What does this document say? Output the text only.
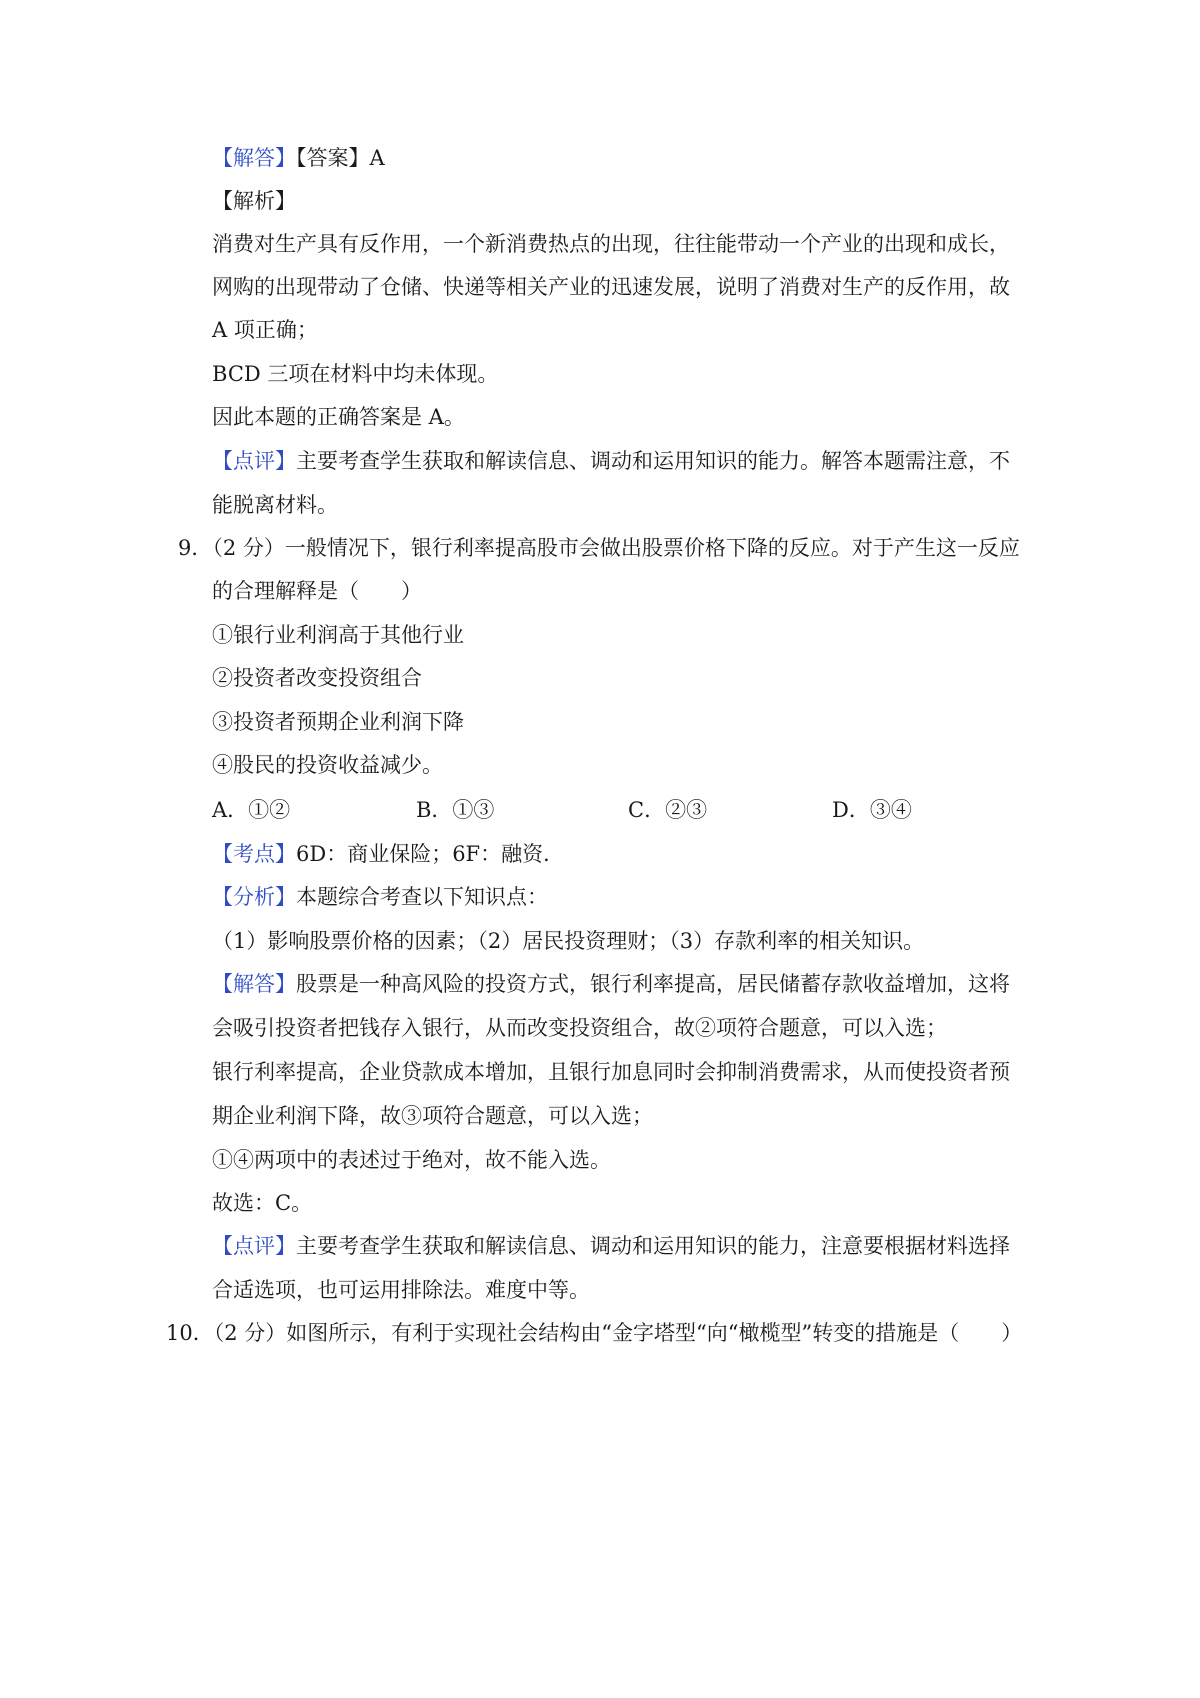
【解答】【答案】A
【解析】
消费对生产具有反作用，一个新消费热点的出现，往往能带动一个产业的出现和成长，
网购的出现带动了仓储、快递等相关产业的迅速发展，说明了消费对生产的反作用，故
A 项正确；
BCD 三项在材料中均未体现。
因此本题的正确答案是 A。
【点评】主要考查学生获取和解读信息、调动和运用知识的能力。解答本题需注意，不
能脱离材料。
9．（2 分）一般情况下，银行利率提高股市会做出股票价格下降的反应。对于产生这一反应
的合理解释是（　　）
①银行业利润高于其他行业
②投资者改变投资组合
③投资者预期企业利润下降
④股民的投资收益减少。
A．①②	B．①③	C．②③	D．③④
【考点】6D：商业保险；6F：融资．
【分析】本题综合考查以下知识点：
（1）影响股票价格的因素；（2）居民投资理财；（3）存款利率的相关知识。
【解答】股票是一种高风险的投资方式，银行利率提高，居民储蓄存款收益增加，这将
会吸引投资者把钱存入银行，从而改变投资组合，故②项符合题意，可以入选；
银行利率提高，企业贷款成本增加，且银行加息同时会抑制消费需求，从而使投资者预
期企业利润下降，故③项符合题意，可以入选；
①④两项中的表述过于绝对，故不能入选。
故选：C。
【点评】主要考查学生获取和解读信息、调动和运用知识的能力，注意要根据材料选择
合适选项，也可运用排除法。难度中等。
10．（2 分）如图所示，有利于实现社会结构由“金字塔型“向“橄榄型”转变的措施是（　　）
